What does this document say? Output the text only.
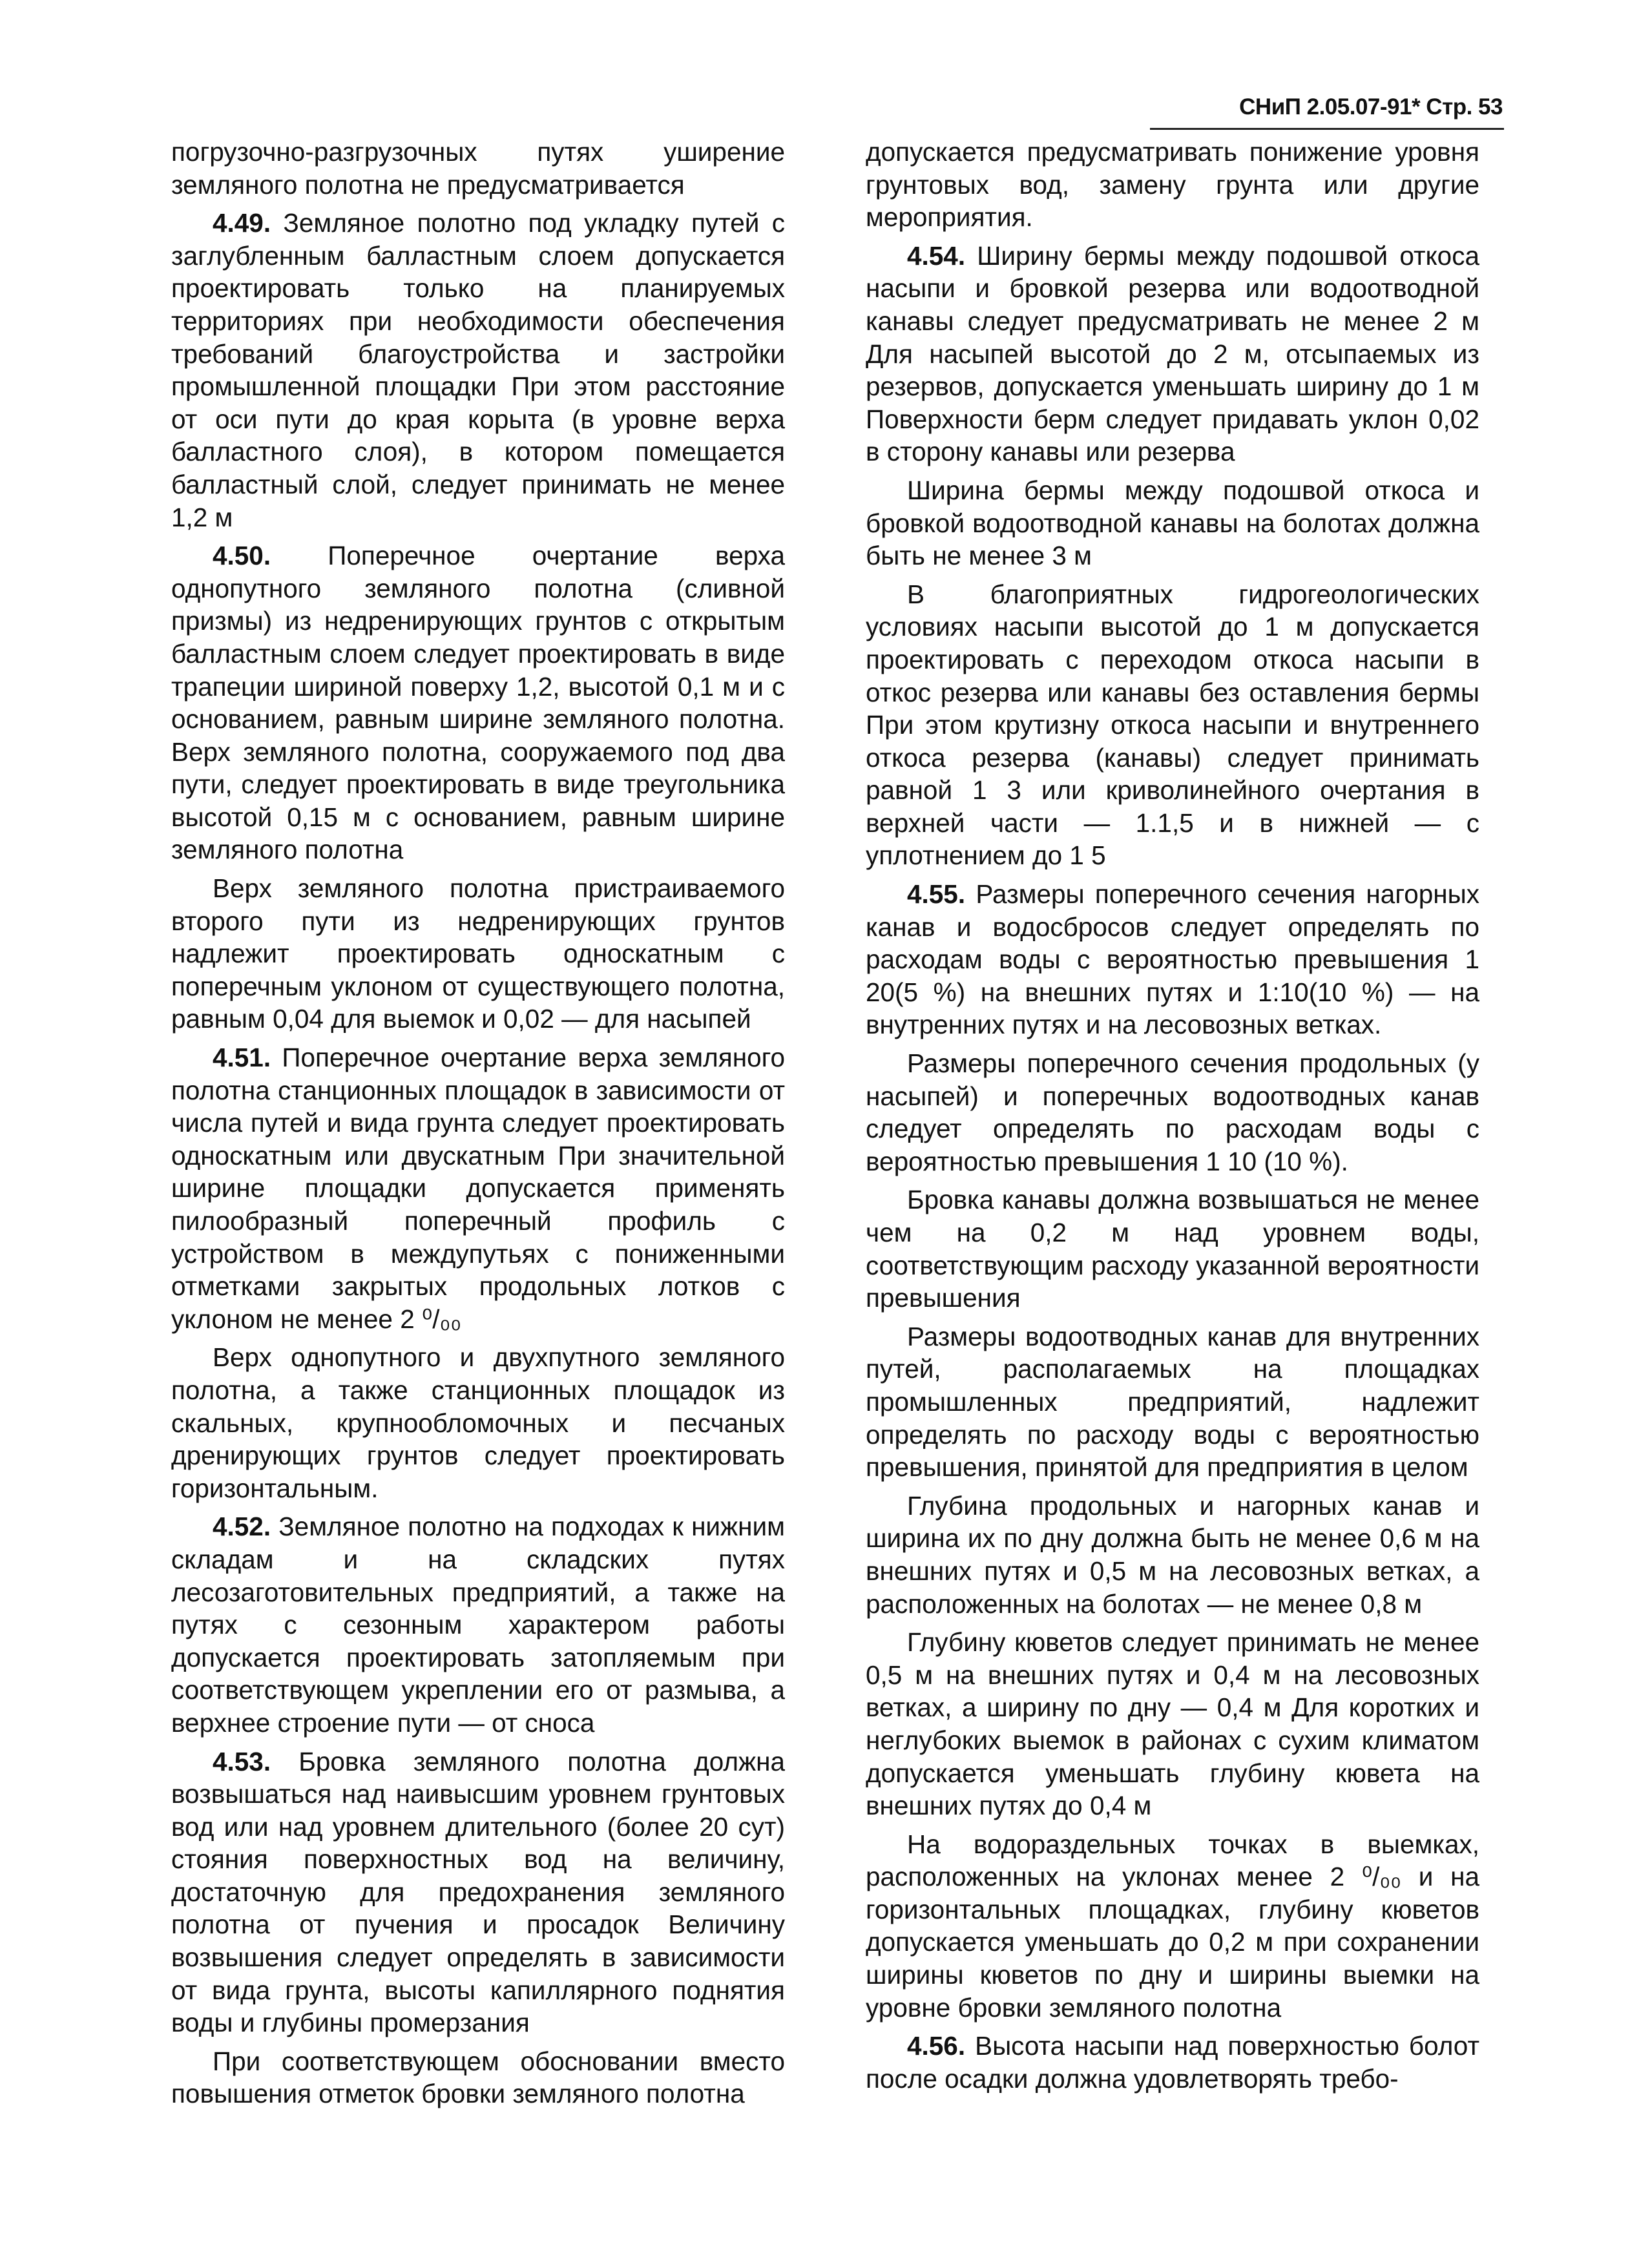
СНиП 2.05.07-91* Стр. 53

погрузочно-разгрузочных путях уширение земляного полотна не предусматривается

4.49. Земляное полотно под укладку путей с заглубленным балластным слоем допускается проектировать только на планируемых территориях при необходимости обеспечения требований благоустройства и застройки промышленной площадки При этом расстояние от оси пути до края корыта (в уровне верха балластного слоя), в котором помещается балластный слой, следует принимать не менее 1,2 м

4.50. Поперечное очертание верха однопутного земляного полотна (сливной призмы) из недренирующих грунтов с открытым балластным слоем следует проектировать в виде трапеции шириной поверху 1,2, высотой 0,1 м и с основанием, равным ширине земляного полотна. Верх земляного полотна, сооружаемого под два пути, следует проектировать в виде треугольника высотой 0,15 м с основанием, равным ширине земляного полотна

Верх земляного полотна пристраиваемого второго пути из недренирующих грунтов надлежит проектировать односкатным с поперечным уклоном от существующего полотна, равным 0,04 для выемок и 0,02 — для насыпей

4.51. Поперечное очертание верха земляного полотна станционных площадок в зависимости от числа путей и вида грунта следует проектировать односкатным или двускатным При значительной ширине площадки допускается применять пилообразный поперечный профиль с устройством в междупутьях с пониженными отметками закрытых продольных лотков с уклоном не менее 2 ⁰/₀₀

Верх однопутного и двухпутного земляного полотна, а также станционных площадок из скальных, крупнообломочных и песчаных дренирующих грунтов следует проектировать горизонтальным.

4.52. Земляное полотно на подходах к нижним складам и на складских путях лесозаготовительных предприятий, а также на путях с сезонным характером работы допускается проектировать затопляемым при соответствующем укреплении его от размыва, а верхнее строение пути — от сноса

4.53. Бровка земляного полотна должна возвышаться над наивысшим уровнем грунтовых вод или над уровнем длительного (более 20 сут) стояния поверхностных вод на величину, достаточную для предохранения земляного полотна от пучения и просадок Величину возвышения следует определять в зависимости от вида грунта, высоты капиллярного поднятия воды и глубины промерзания

При соответствующем обосновании вместо повышения отметок бровки земляного полотна

допускается предусматривать понижение уровня грунтовых вод, замену грунта или другие мероприятия.

4.54. Ширину бермы между подошвой откоса насыпи и бровкой резерва или водоотводной канавы следует предусматривать не менее 2 м Для насыпей высотой до 2 м, отсыпаемых из резервов, допускается уменьшать ширину до 1 м Поверхности берм следует придавать уклон 0,02 в сторону канавы или резерва

Ширина бермы между подошвой откоса и бровкой водоотводной канавы на болотах должна быть не менее 3 м

В благоприятных гидрогеологических условиях насыпи высотой до 1 м допускается проектировать с переходом откоса насыпи в откос резерва или канавы без оставления бермы При этом крутизну откоса насыпи и внутреннего откоса резерва (канавы) следует принимать равной 1 3 или криволинейного очертания в верхней части — 1.1,5 и в нижней — с уплотнением до 1 5

4.55. Размеры поперечного сечения нагорных канав и водосбросов следует определять по расходам воды с вероятностью превышения 1 20(5 %) на внешних путях и 1:10(10 %) — на внутренних путях и на лесовозных ветках.

Размеры поперечного сечения продольных (у насыпей) и поперечных водоотводных канав следует определять по расходам воды с вероятностью превышения 1 10 (10 %).

Бровка канавы должна возвышаться не менее чем на 0,2 м над уровнем воды, соответствующим расходу указанной вероятности превышения

Размеры водоотводных канав для внутренних путей, располагаемых на площадках промышленных предприятий, надлежит определять по расходу воды с вероятностью превышения, принятой для предприятия в целом

Глубина продольных и нагорных канав и ширина их по дну должна быть не менее 0,6 м на внешних путях и 0,5 м на лесовозных ветках, а расположенных на болотах — не менее 0,8 м

Глубину кюветов следует принимать не менее 0,5 м на внешних путях и 0,4 м на лесовозных ветках, а ширину по дну — 0,4 м Для коротких и неглубоких выемок в районах с сухим климатом допускается уменьшать глубину кювета на внешних путях до 0,4 м

На водораздельных точках в выемках, расположенных на уклонах менее 2 ⁰/₀₀ и на горизонтальных площадках, глубину кюветов допускается уменьшать до 0,2 м при сохранении ширины кюветов по дну и ширины выемки на уровне бровки земляного полотна

4.56. Высота насыпи над поверхностью болот после осадки должна удовлетворять требо-
